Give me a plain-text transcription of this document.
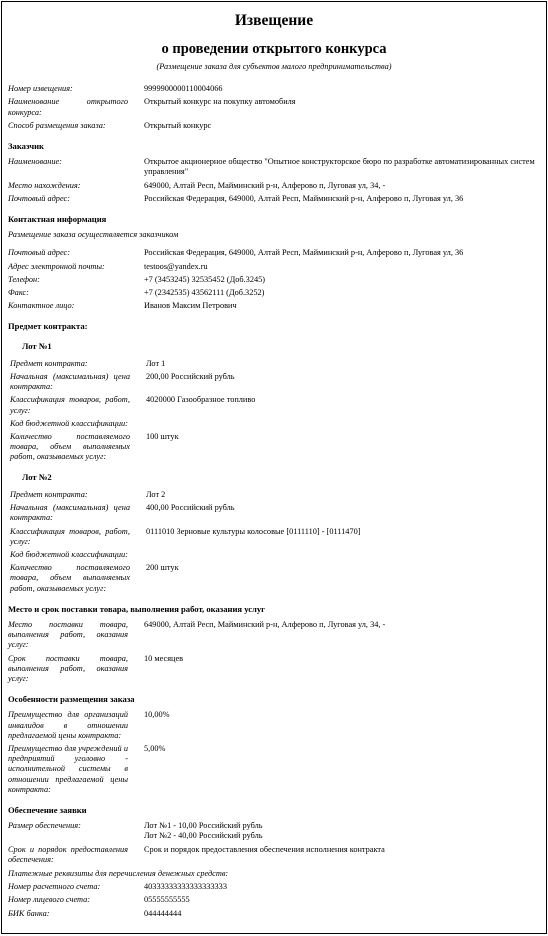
Извещение
о проведении открытого конкурса
(Размещение заказа для субъектов малого предпринимательства)
Номер извещения:	9999900000110004066
Наименование открытого конкурса:
Открытый конкурс на покупку автомобиля
Способ размещения заказа:	Открытый конкурс
Заказчик
Наименование:	Открытое акционерное общество "Опытное конструкторское бюро по разработке автоматизированных систем управления"
Место нахождения:	649000, Алтай Респ, Майминский р-н, Алферово п, Луговая ул, 34, -
Почтовый адрес:	Российская Федерация, 649000, Алтай Респ, Майминский р-н, Алферово п, Луговая ул, 36
Контактная информация
Размещение заказа осуществляется заказчиком
Почтовый адрес:	Российская Федерация, 649000, Алтай Респ, Майминский р-н, Алферово п, Луговая ул, 36
Адрес электронной почты:	testoos@yandex.ru
Телефон:	+7 (3453245) 32535452 (Доб.3245)
Факс:	+7 (2342535) 43562111 (Доб.3252)
Контактное лицо:	Иванов Максим Петрович
Предмет контракта:
Лот №1
Предмет контракта:	Лот 1
Начальная (максимальная) цена контракта:
200,00 Российский рубль
Классификация товаров, работ, услуг:
4020000 Газообразное топливо
Код бюджетной классификации:
Количество поставляемого товара, объем выполняемых работ, оказываемых услуг:
100 штук
Лот №2
Предмет контракта:	Лот 2
Начальная (максимальная) цена контракта:
400,00 Российский рубль
Классификация товаров, работ, услуг:
0111010 Зерновые культуры колосовые [0111110] - [0111470]
Код бюджетной классификации:
Количество поставляемого товара, объем выполняемых работ, оказываемых услуг:
200 штук
Место и срок поставки товара, выполнения работ, оказания услуг
Место поставки товара, выполнения работ, оказания услуг:
649000, Алтай Респ, Майминский р-н, Алферово п, Луговая ул, 34, -
Срок поставки товара, выполнения работ, оказания услуг:
10 месяцев
Особенности размещения заказа
Преимущество для организаций инвалидов в отношении предлагаемой цены контракта:
10,00%
Преимущество для учреждений и предприятий уголовно - исполнительной системы в отношении предлагаемой цены контракта:
5,00%
Обеспечение заявки
Размер обеспечения:	Лот №1 - 10,00 Российский рубль
Лот №2 - 40,00 Российский рубль
Срок и порядок предоставления обеспечения:
Срок и порядок предоставления обеспечения исполнения контракта
Платежные реквизиты для перечисления денежных средств:
Номер расчетного счета:	40333333333333333333
Номер лицевого счета:	05555555555
БИК банка:	044444444
